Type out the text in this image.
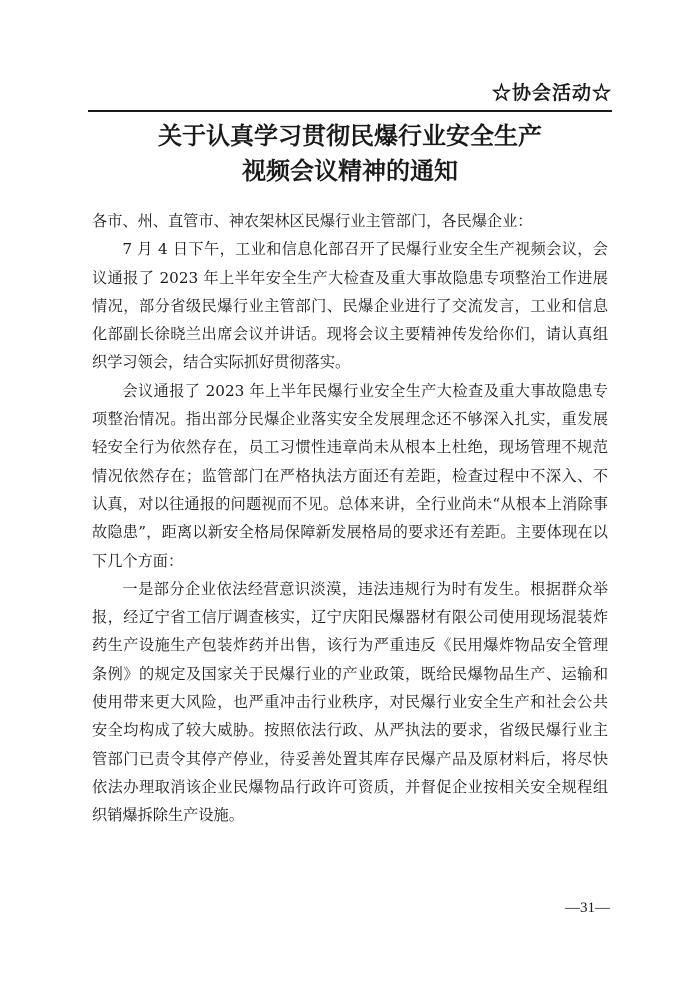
☆协会活动☆
关于认真学习贯彻民爆行业安全生产
视频会议精神的通知

各市、州、直管市、神农架林区民爆行业主管部门，各民爆企业：

7 月 4 日下午，工业和信息化部召开了民爆行业安全生产视频会议，会议通报了 2023 年上半年安全生产大检查及重大事故隐患专项整治工作进展情况，部分省级民爆行业主管部门、民爆企业进行了交流发言，工业和信息化部副长徐晓兰出席会议并讲话。现将会议主要精神传发给你们，请认真组织学习领会，结合实际抓好贯彻落实。

会议通报了 2023 年上半年民爆行业安全生产大检查及重大事故隐患专项整治情况。指出部分民爆企业落实安全发展理念还不够深入扎实，重发展轻安全行为依然存在，员工习惯性违章尚未从根本上杜绝，现场管理不规范情况依然存在；监管部门在严格执法方面还有差距，检查过程中不深入、不认真，对以往通报的问题视而不见。总体来讲，全行业尚未“从根本上消除事故隐患”，距离以新安全格局保障新发展格局的要求还有差距。主要体现在以下几个方面：

一是部分企业依法经营意识淡漠，违法违规行为时有发生。根据群众举报，经辽宁省工信厅调查核实，辽宁庆阳民爆器材有限公司使用现场混装炸药生产设施生产包装炸药并出售，该行为严重违反《民用爆炸物品安全管理条例》的规定及国家关于民爆行业的产业政策，既给民爆物品生产、运输和使用带来更大风险，也严重冲击行业秩序，对民爆行业安全生产和社会公共安全均构成了较大威胁。按照依法行政、从严执法的要求，省级民爆行业主管部门已责令其停产停业，待妥善处置其库存民爆产品及原材料后，将尽快依法办理取消该企业民爆物品行政许可资质，并督促企业按相关安全规程组织销爆拆除生产设施。

—31—
